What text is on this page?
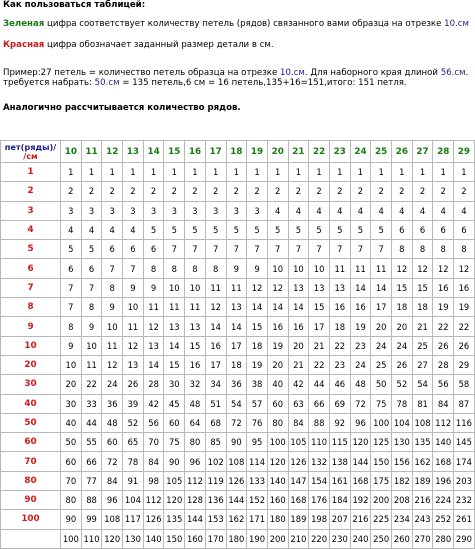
Как пользоваться таблицей:

Зеленая цифра соответствует количеству петель (рядов) связанного вами образца на отрезке 10.см

Красная цифра обозначает заданный размер детали в см.

Пример:27 петель = количество петель образца на отрезке 10.см. Для наборного края длиной 56.см.

требуется набрать: 50.см = 135 петель,6 см = 16 петель,135+16=151,итого: 151 петля.

Аналогично рассчитывается количество рядов.

пет(ряды)/
/см	10	11	12	13	14	15	16	17	18	19	20	21	22	23	24	25	26	27	28	29
1	1	1	1	1	1	1	1	1	1	1	1	1	1	1	1	1	1	1	1	1
2	2	2	2	2	2	2	2	2	2	2	2	2	2	2	2	2	2	2	2	2
3	3	3	3	3	3	3	3	3	3	3	4	4	4	4	4	4	4	4	4	4
4	4	4	4	4	5	5	5	5	5	5	5	5	5	5	5	5	6	6	6	6
5	5	5	6	6	6	7	7	7	7	7	7	7	7	7	7	7	8	8	8	8
6	6	6	7	7	8	8	8	8	9	9	10	10	10	11	11	11	12	12	12	12
7	7	7	8	9	9	10	10	11	11	12	12	13	13	13	14	14	15	15	16	16
8	7	8	9	10	11	11	11	12	13	14	14	14	15	16	16	17	18	18	19	19
9	8	9	10	11	12	13	13	14	14	15	16	16	17	18	19	20	20	21	22	22
10	9	10	11	12	13	14	15	16	17	18	19	20	21	22	23	24	24	25	26	26
20	10	11	12	13	14	15	16	17	18	19	20	21	22	23	24	25	26	27	28	29
30	20	22	24	26	28	30	32	34	36	38	40	42	44	46	48	50	52	54	56	58
40	30	33	36	39	42	45	48	51	54	57	60	63	66	69	72	75	78	81	84	87
50	40	44	48	52	56	60	64	68	72	76	80	84	88	92	96	100	104	108	112	116
60	50	55	60	65	70	75	80	85	90	95	100	105	110	115	120	125	130	135	140	145
70	60	66	72	78	84	90	96	102	108	114	120	126	132	138	144	150	156	162	168	174
80	70	77	84	91	98	105	112	119	126	133	140	147	154	161	168	175	182	189	196	203
90	80	88	96	104	112	120	128	136	144	152	160	168	176	184	192	200	208	216	224	232
100	90	99	108	117	126	135	144	153	162	171	180	189	198	207	216	225	234	243	252	261
	100	110	120	130	140	150	160	170	180	190	200	210	220	230	240	250	260	270	280	290
